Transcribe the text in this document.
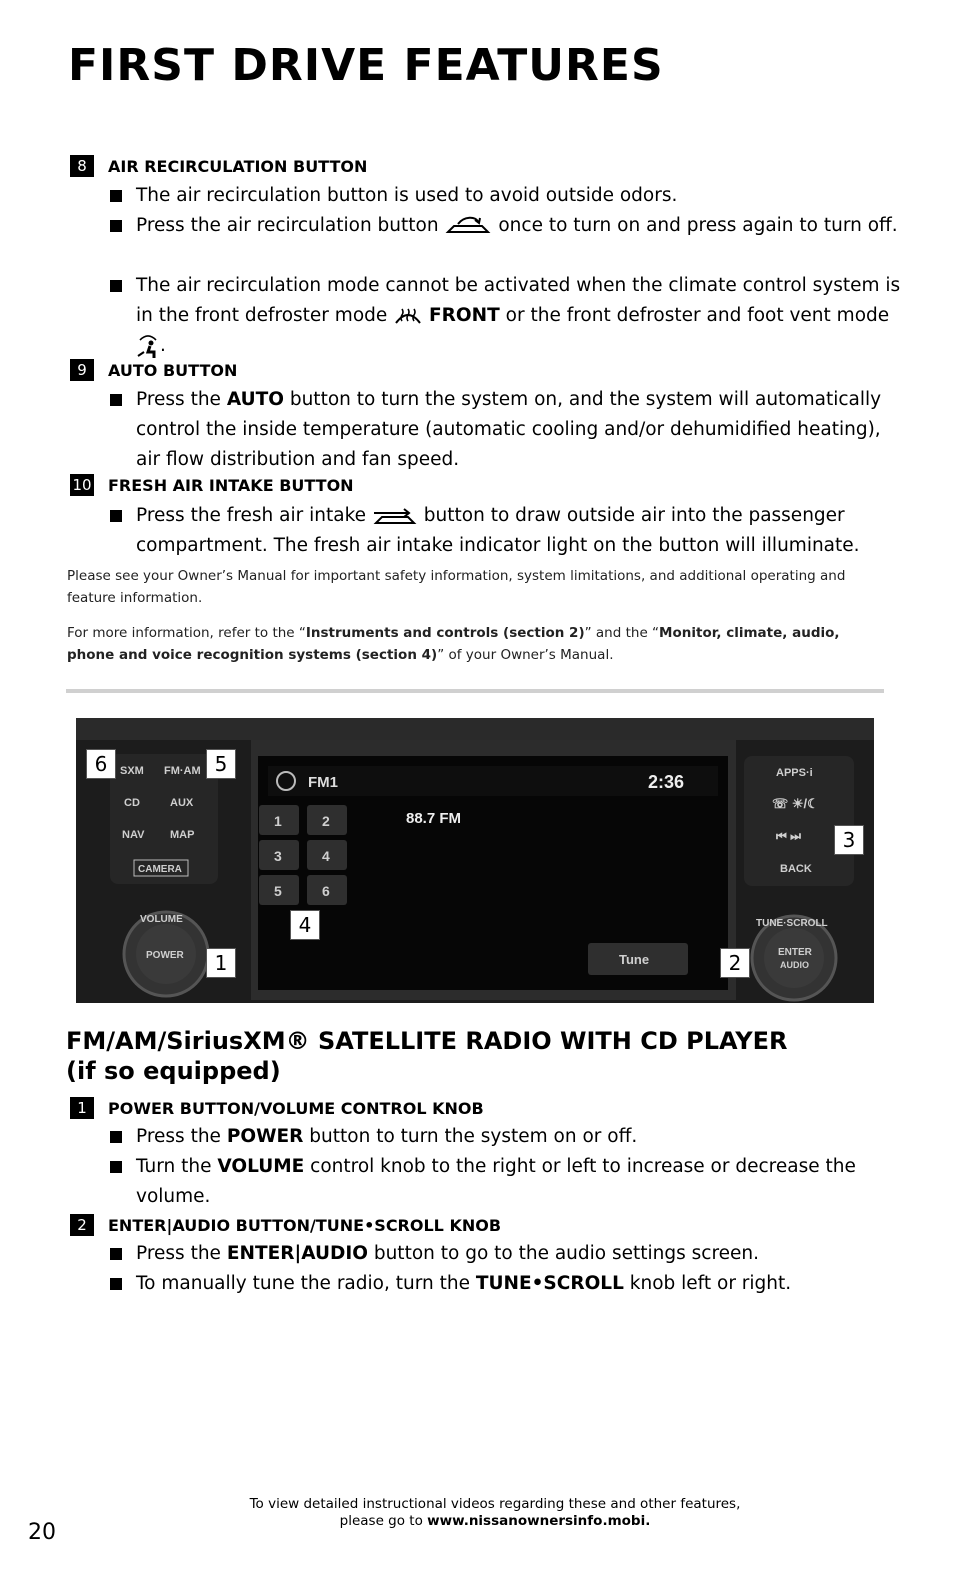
FIRST DRIVE FEATURES
8	AIR RECIRCULATION BUTTON
The air recirculation button is used to avoid outside odors.
Press the air recirculation button	once to turn on and press again to turn off.
The air recirculation mode cannot be activated when the climate control system is in the front defroster mode FRONT or the front defroster and foot vent mode .
9	AUTO BUTTON
Press the AUTO button to turn the system on, and the system will automatically control the inside temperature (automatic cooling and/or dehumidified heating), air flow distribution and fan speed.
10 FRESH AIR INTAKE BUTTON
Press the fresh air intake	button to draw outside air into the passenger compartment. The fresh air intake indicator light on the button will illuminate.
Please see your Owner’s Manual for important safety information, system limitations, and additional operating and feature information.
For more information, refer to the “Instruments and controls (section 2)” and the “Monitor, climate, audio, phone and voice recognition systems (section 4)” of your Owner’s Manual.
FM1	2:36
88.7 FM
1	2
3	4
5	6
Tune
SXM FM·AM
CD	AUX
NAV MAP
CAMERA
VOLUME
POWER
TUNE·SCROLL
ENTER
AUDIO
APPS·i
☏ ☀/☾
⏮ ⏭
BACK
6	5
3
4
1	2
FM/AM/SiriusXM® SATELLITE RADIO WITH CD PLAYER
(if so equipped)
1	POWER BUTTON/VOLUME CONTROL KNOB
Press the POWER button to turn the system on or off.
Turn the VOLUME control knob to the right or left to increase or decrease the volume.
2	ENTER|AUDIO BUTTON/TUNE•SCROLL KNOB
Press the ENTER|AUDIO button to go to the audio settings screen.
To manually tune the radio, turn the TUNE•SCROLL knob left or right.
20
To view detailed instructional videos regarding these and other features,
please go to www.nissanownersinfo.mobi.
